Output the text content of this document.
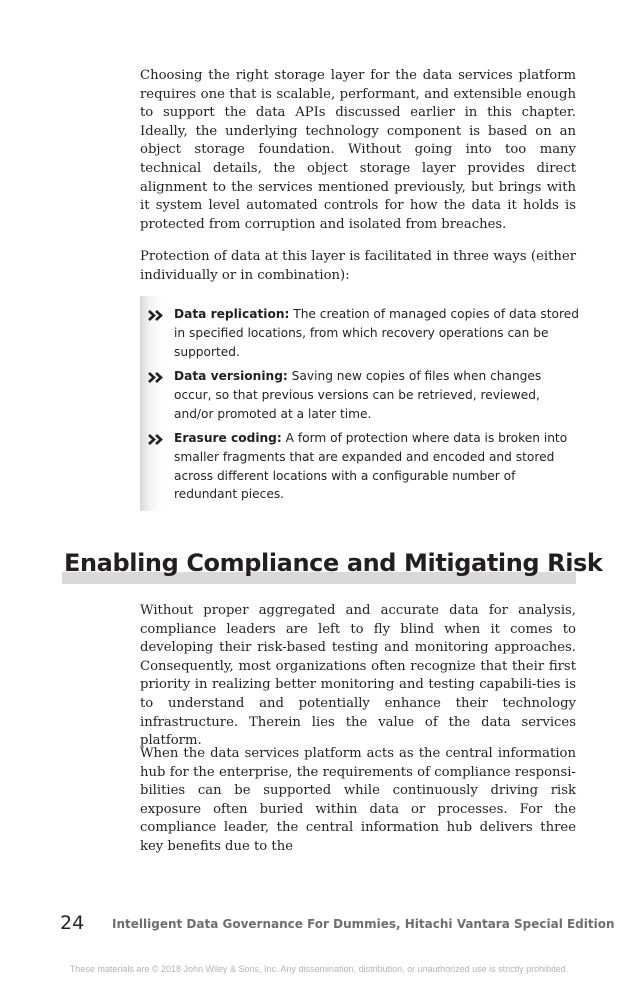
Choosing the right storage layer for the data services platform requires one that is scalable, performant, and extensible enough to support the data APIs discussed earlier in this chapter. Ideally, the underlying technology component is based on an object storage foundation. Without going into too many technical details, the object storage layer provides direct alignment to the services mentioned previously, but brings with it system level automated controls for how the data it holds is protected from corruption and isolated from breaches.

Protection of data at this layer is facilitated in three ways (either individually or in combination):

Data replication: The creation of managed copies of data stored in specified locations, from which recovery operations can be supported.
Data versioning: Saving new copies of files when changes occur, so that previous versions can be retrieved, reviewed, and/or promoted at a later time.
Erasure coding: A form of protection where data is broken into smaller fragments that are expanded and encoded and stored across different locations with a configurable number of redundant pieces.
Enabling Compliance and Mitigating Risk

Without proper aggregated and accurate data for analysis, compliance leaders are left to fly blind when it comes to developing their risk-based testing and monitoring approaches. Consequently, most organizations often recognize that their first priority in realizing better monitoring and testing capabili-ties is to understand and potentially enhance their technology infrastructure. Therein lies the value of the data services platform.

When the data services platform acts as the central information hub for the enterprise, the requirements of compliance responsi-bilities can be supported while continuously driving risk exposure often buried within data or processes. For the compliance leader, the central information hub delivers three key benefits due to the

24 Intelligent Data Governance For Dummies, Hitachi Vantara Special Edition
These materials are © 2018 John Wiley & Sons, Inc. Any dissemination, distribution, or unauthorized use is strictly prohibited.
